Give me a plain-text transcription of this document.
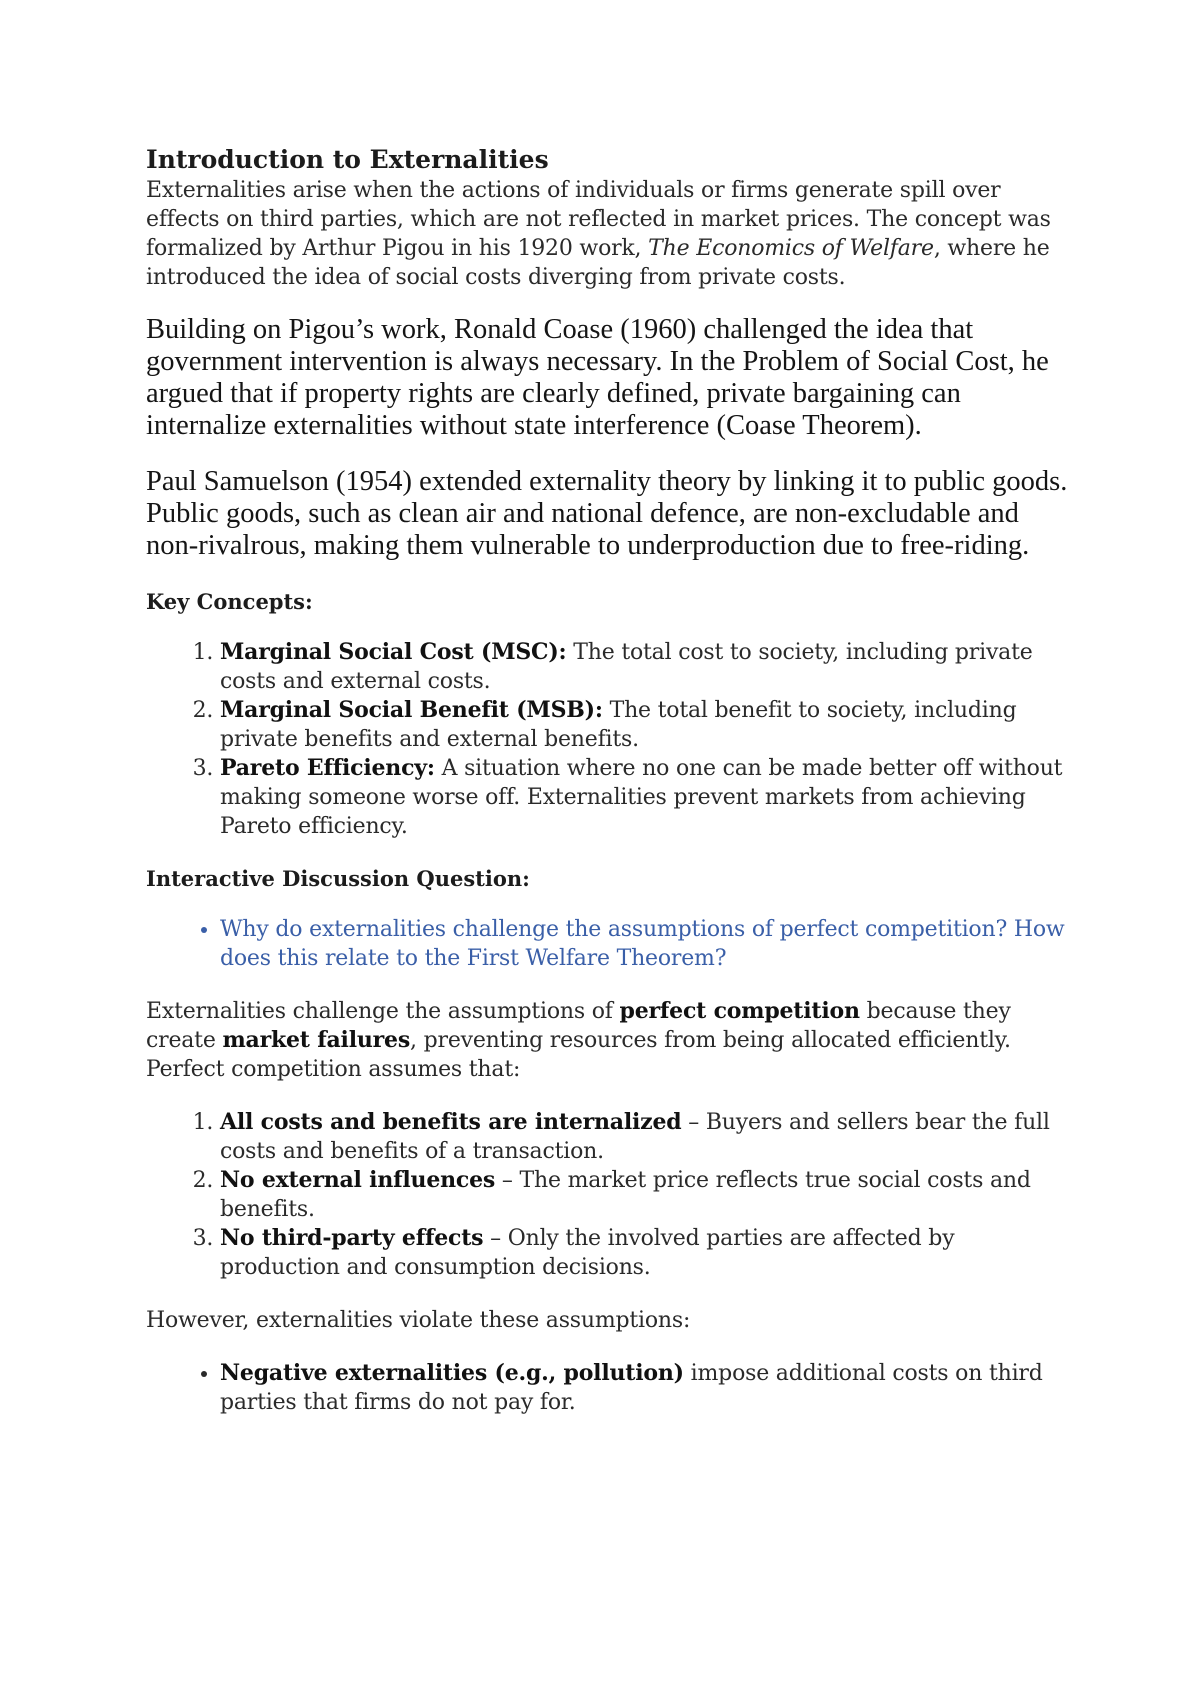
Introduction to Externalities

Externalities arise when the actions of individuals or firms generate spill over effects on third parties, which are not reflected in market prices. The concept was formalized by Arthur Pigou in his 1920 work, The Economics of Welfare, where he introduced the idea of social costs diverging from private costs.

Building on Pigou’s work, Ronald Coase (1960) challenged the idea that government intervention is always necessary. In the Problem of Social Cost, he argued that if property rights are clearly defined, private bargaining can internalize externalities without state interference (Coase Theorem).

Paul Samuelson (1954) extended externality theory by linking it to public goods. Public goods, such as clean air and national defence, are non-excludable and non-rivalrous, making them vulnerable to underproduction due to free-riding.

Key Concepts:

1. Marginal Social Cost (MSC): The total cost to society, including private costs and external costs.
2. Marginal Social Benefit (MSB): The total benefit to society, including private benefits and external benefits.
3. Pareto Efficiency: A situation where no one can be made better off without making someone worse off. Externalities prevent markets from achieving Pareto efficiency.

Interactive Discussion Question:

• Why do externalities challenge the assumptions of perfect competition? How does this relate to the First Welfare Theorem?

Externalities challenge the assumptions of perfect competition because they create market failures, preventing resources from being allocated efficiently. Perfect competition assumes that:

1. All costs and benefits are internalized – Buyers and sellers bear the full costs and benefits of a transaction.
2. No external influences – The market price reflects true social costs and benefits.
3. No third-party effects – Only the involved parties are affected by production and consumption decisions.

However, externalities violate these assumptions:

• Negative externalities (e.g., pollution) impose additional costs on third parties that firms do not pay for.
